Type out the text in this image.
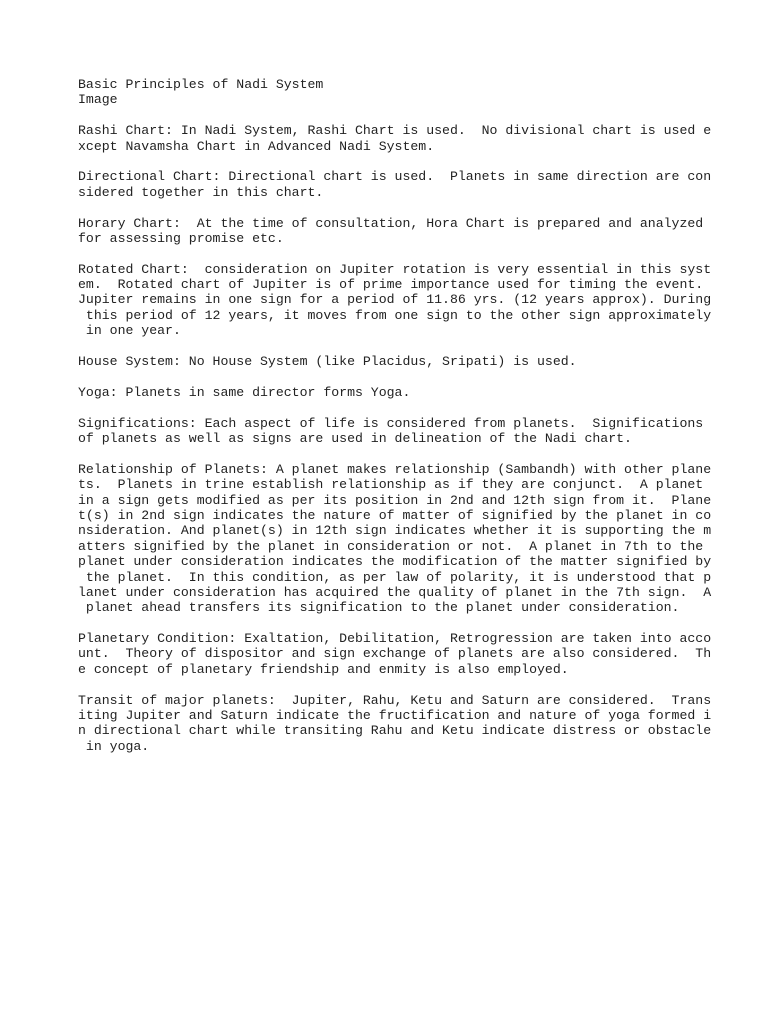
Basic Principles of Nadi System
Image
Rashi Chart: In Nadi System, Rashi Chart is used.  No divisional chart is used e
xcept Navamsha Chart in Advanced Nadi System.
Directional Chart: Directional chart is used.  Planets in same direction are con
sidered together in this chart.
Horary Chart:  At the time of consultation, Hora Chart is prepared and analyzed
for assessing promise etc.
Rotated Chart:  consideration on Jupiter rotation is very essential in this syst
em.  Rotated chart of Jupiter is of prime importance used for timing the event.
Jupiter remains in one sign for a period of 11.86 yrs. (12 years approx). During
this period of 12 years, it moves from one sign to the other sign approximately
in one year.
House System: No House System (like Placidus, Sripati) is used.
Yoga: Planets in same director forms Yoga.
Significations: Each aspect of life is considered from planets.  Significations
of planets as well as signs are used in delineation of the Nadi chart.
Relationship of Planets: A planet makes relationship (Sambandh) with other plane
ts.  Planets in trine establish relationship as if they are conjunct.  A planet
in a sign gets modified as per its position in 2nd and 12th sign from it.  Plane
t(s) in 2nd sign indicates the nature of matter of signified by the planet in co
nsideration. And planet(s) in 12th sign indicates whether it is supporting the m
atters signified by the planet in consideration or not.  A planet in 7th to the
planet under consideration indicates the modification of the matter signified by
the planet.  In this condition, as per law of polarity, it is understood that p
lanet under consideration has acquired the quality of planet in the 7th sign.  A
planet ahead transfers its signification to the planet under consideration.
Planetary Condition: Exaltation, Debilitation, Retrogression are taken into acco
unt.  Theory of dispositor and sign exchange of planets are also considered.  Th
e concept of planetary friendship and enmity is also employed.
Transit of major planets:  Jupiter, Rahu, Ketu and Saturn are considered.  Trans
iting Jupiter and Saturn indicate the fructification and nature of yoga formed i
n directional chart while transiting Rahu and Ketu indicate distress or obstacle
in yoga.
